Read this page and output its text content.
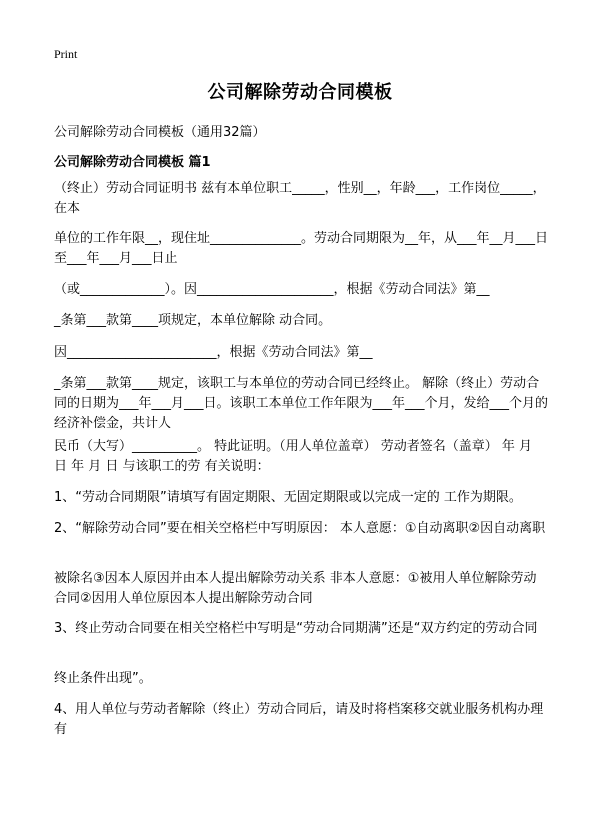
Print
公司解除劳动合同模板
公司解除劳动合同模板（通用32篇）
公司解除劳动合同模板 篇1
（终止）劳动合同证明书 兹有本单位职工_____，性别__，年龄___，工作岗位_____，在本
单位的工作年限__，现住址______________。劳动合同期限为__年，从___年__月___日至___年___月___日止
（或_____________）。因_____________________，根据《劳动合同法》第__
_条第___款第____项规定，本单位解除 动合同。
因_______________________，根据《劳动合同法》第__
_条第___款第____规定，该职工与本单位的劳动合同已经终止。 解除（终止）劳动合同的日期为___年___月___日。该职工本单位工作年限为___年___个月，发给___个月的经济补偿金，共计人
民币（大写）__________。 特此证明。（用人单位盖章） 劳动者签名（盖章） 年 月 日 年 月 日 与该职工的劳 有关说明：
1、“劳动合同期限”请填写有固定期限、无固定期限或以完成一定的 工作为期限。
2、“解除劳动合同”要在相关空格栏中写明原因： 本人意愿：①自动离职②因自动离职
被除名③因本人原因并由本人提出解除劳动关系 非本人意愿：①被用人单位解除劳动合同②因用人单位原因本人提出解除劳动合同
3、终止劳动合同要在相关空格栏中写明是“劳动合同期满”还是“双方约定的劳动合同
终止条件出现”。
4、用人单位与劳动者解除（终止）劳动合同后，请及时将档案移交就业服务机构办理有
